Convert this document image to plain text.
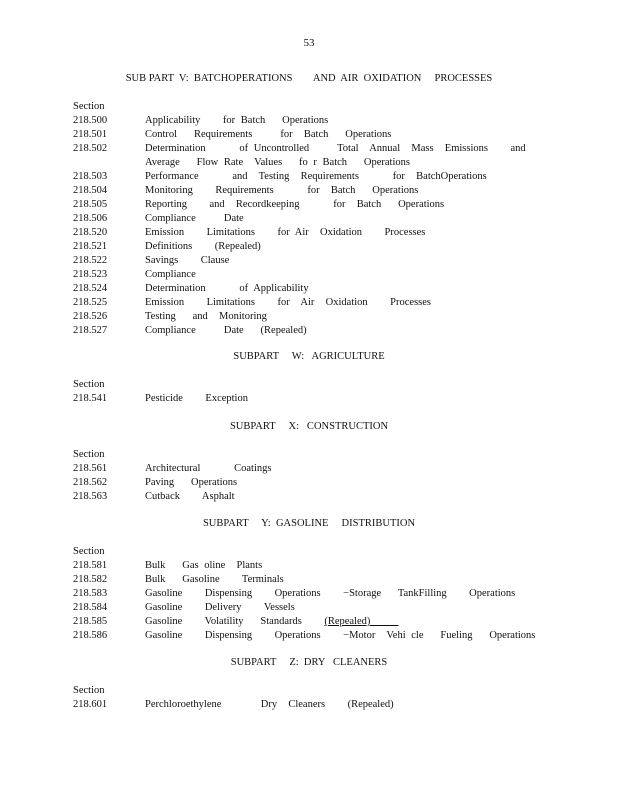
53
SUB PART  V:  BATCHOPERATIONS        AND  AIR  OXIDATION     PROCESSES
Section
218.500	Applicability    for Batch   Operations
218.501	Control   Requirements     for  Batch   Operations
218.502	Determination      of Uncontrolled     Total  Annual  Mass  Emissions    and Average   Flow Rate  Values   fo r Batch   Operations
218.503	Performance      and  Testing  Requirements      for  BatchOperations
218.504	Monitoring    Requirements      for  Batch   Operations
218.505	Reporting    and  Recordkeeping      for  Batch   Operations
218.506	Compliance     Date
218.520	Emission    Limitations    for Air  Oxidation    Processes
218.521	Definitions    (Repealed)
218.522	Savings    Clause
218.523	Compliance
218.524	Determination      of Applicability
218.525	Emission    Limitations    for  Air  Oxidation    Processes
218.526	Testing   and  Monitoring
218.527	Compliance     Date   (Repealed)
SUBPART     W:   AGRICULTURE
Section
218.541	Pesticide    Exception
SUBPART     X:   CONSTRUCTION
Section
218.561	Architectural      Coatings
218.562	Paving   Operations
218.563	Cutback    Asphalt
SUBPART     Y:  GASOLINE     DISTRIBUTION
Section
218.581	Bulk   Gas oline  Plants
218.582	Bulk   Gasoline    Terminals
218.583	Gasoline    Dispensing    Operations    −Storage   TankFilling    Operations
218.584	Gasoline    Delivery    Vessels
218.585	Gasoline    Volatility   Standards    (Repealed)
218.586	Gasoline    Dispensing    Operations    −Motor  Vehi cle   Fueling   Operations
SUBPART     Z:  DRY   CLEANERS
Section
218.601	Perchloroethylene       Dry  Cleaners    (Repealed)
